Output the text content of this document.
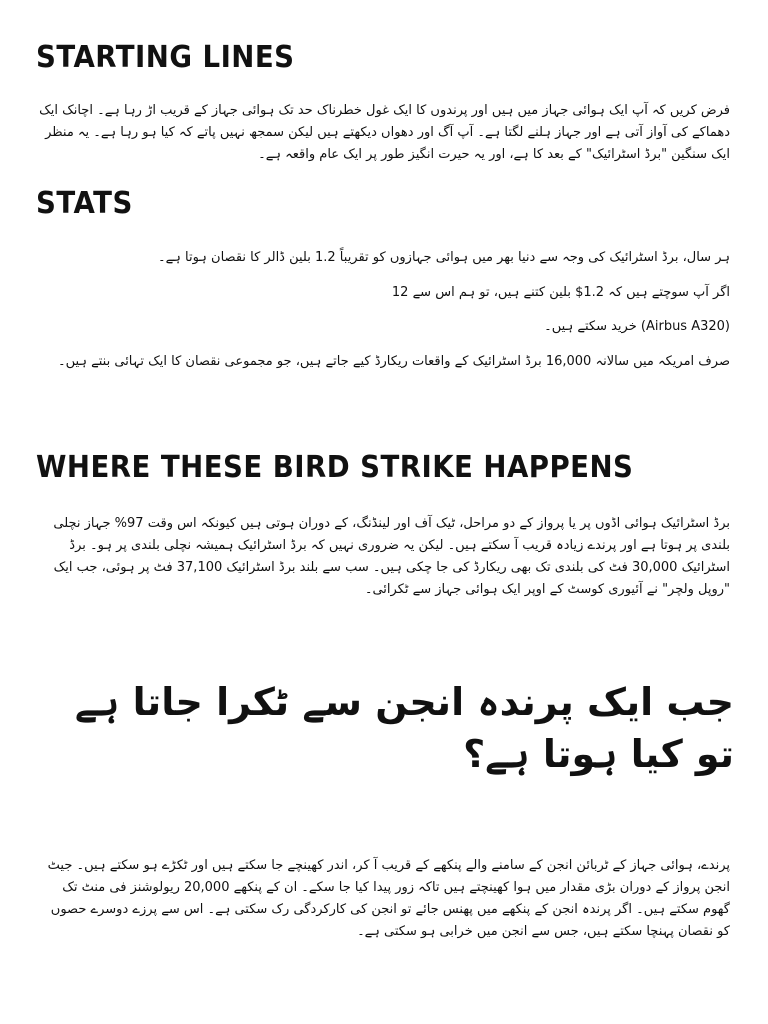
STARTING LINES

فرض کریں کہ آپ ایک ہوائی جہاز میں ہیں اور پرندوں کا ایک غول خطرناک حد تک ہوائی جہاز کے قریب اڑ رہا ہے۔ اچانک ایک دھماکے کی آواز آتی ہے اور جہاز ہلنے لگتا ہے۔ آپ آگ اور دھواں دیکھتے ہیں لیکن سمجھ نہیں پاتے کہ کیا ہو رہا ہے۔ یہ منظر ایک سنگین "برڈ اسٹرائیک" کے بعد کا ہے، اور یہ حیرت انگیز طور پر ایک عام واقعہ ہے۔

STATS

ہر سال، برڈ اسٹرائیک کی وجہ سے دنیا بھر میں ہوائی جہازوں کو تقریباً 1.2 بلین ڈالر کا نقصان ہوتا ہے۔

اگر آپ سوچتے ہیں کہ 1.2$ بلین کتنے ہیں، تو ہم اس سے 12

(Airbus A320) خرید سکتے ہیں۔

صرف امریکہ میں سالانہ 16,000 برڈ اسٹرائیک کے واقعات ریکارڈ کیے جاتے ہیں، جو مجموعی نقصان کا ایک تہائی بنتے ہیں۔

WHERE THESE BIRD STRIKE HAPPENS

برڈ اسٹرائیک ہوائی اڈوں پر یا پرواز کے دو مراحل، ٹیک آف اور لینڈنگ، کے دوران ہوتی ہیں کیونکہ اس وقت 97% جہاز نچلی بلندی پر ہوتا ہے اور پرندے زیادہ قریب آ سکتے ہیں۔ لیکن یہ ضروری نہیں کہ برڈ اسٹرائیک ہمیشہ نچلی بلندی پر ہو۔ برڈ اسٹرائیک 30,000 فٹ کی بلندی تک بھی ریکارڈ کی جا چکی ہیں۔ سب سے بلند برڈ اسٹرائیک 37,100 فٹ پر ہوئی، جب ایک "روپل ولچر" نے آئیوری کوسٹ کے اوپر ایک ہوائی جہاز سے ٹکرائی۔

جب ایک پرندہ انجن سے ٹکرا جاتا ہے تو کیا ہوتا ہے؟

پرندے، ہوائی جہاز کے ٹربائن انجن کے سامنے والے پنکھے کے قریب آ کر، اندر کھینچے جا سکتے ہیں اور ٹکڑے ہو سکتے ہیں۔ جیٹ انجن پرواز کے دوران بڑی مقدار میں ہوا کھینچتے ہیں تاکہ زور پیدا کیا جا سکے۔ ان کے پنکھے 20,000 ریولوشنز فی منٹ تک گھوم سکتے ہیں۔ اگر پرندہ انجن کے پنکھے میں پھنس جائے تو انجن کی کارکردگی رک سکتی ہے۔ اس سے پرزے دوسرے حصوں کو نقصان پہنچا سکتے ہیں، جس سے انجن میں خرابی ہو سکتی ہے۔
